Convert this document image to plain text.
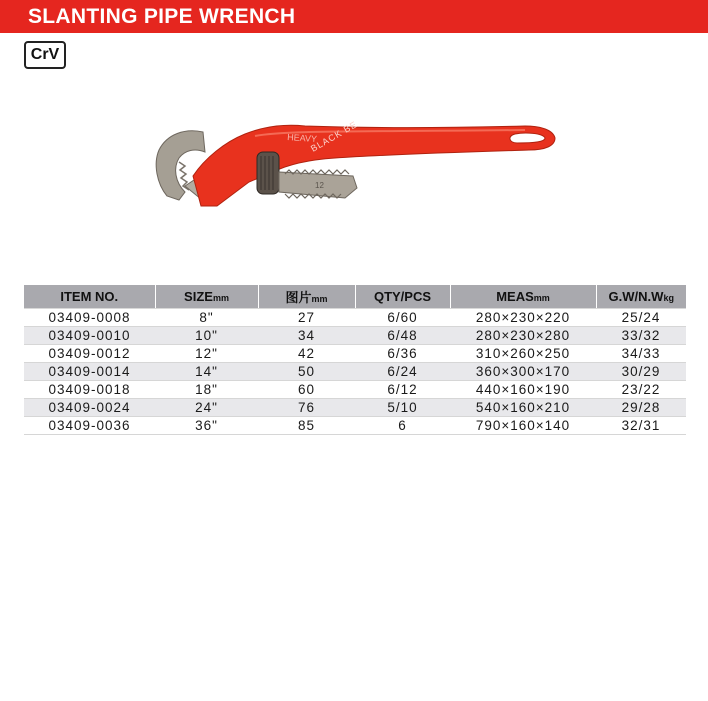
SLANTING PIPE WRENCH
CrV
HEAVY
BLACK BE
12
ITEM NO.	SIZEmm	图片mm	QTY/PCS	MEASmm	G.W/N.Wkg
03409-0008	8"	27	6/60	280×230×220	25/24
03409-0010	10"	34	6/48	280×230×280	33/32
03409-0012	12"	42	6/36	310×260×250	34/33
03409-0014	14"	50	6/24	360×300×170	30/29
03409-0018	18"	60	6/12	440×160×190	23/22
03409-0024	24"	76	5/10	540×160×210	29/28
03409-0036	36"	85	6	790×160×140	32/31
